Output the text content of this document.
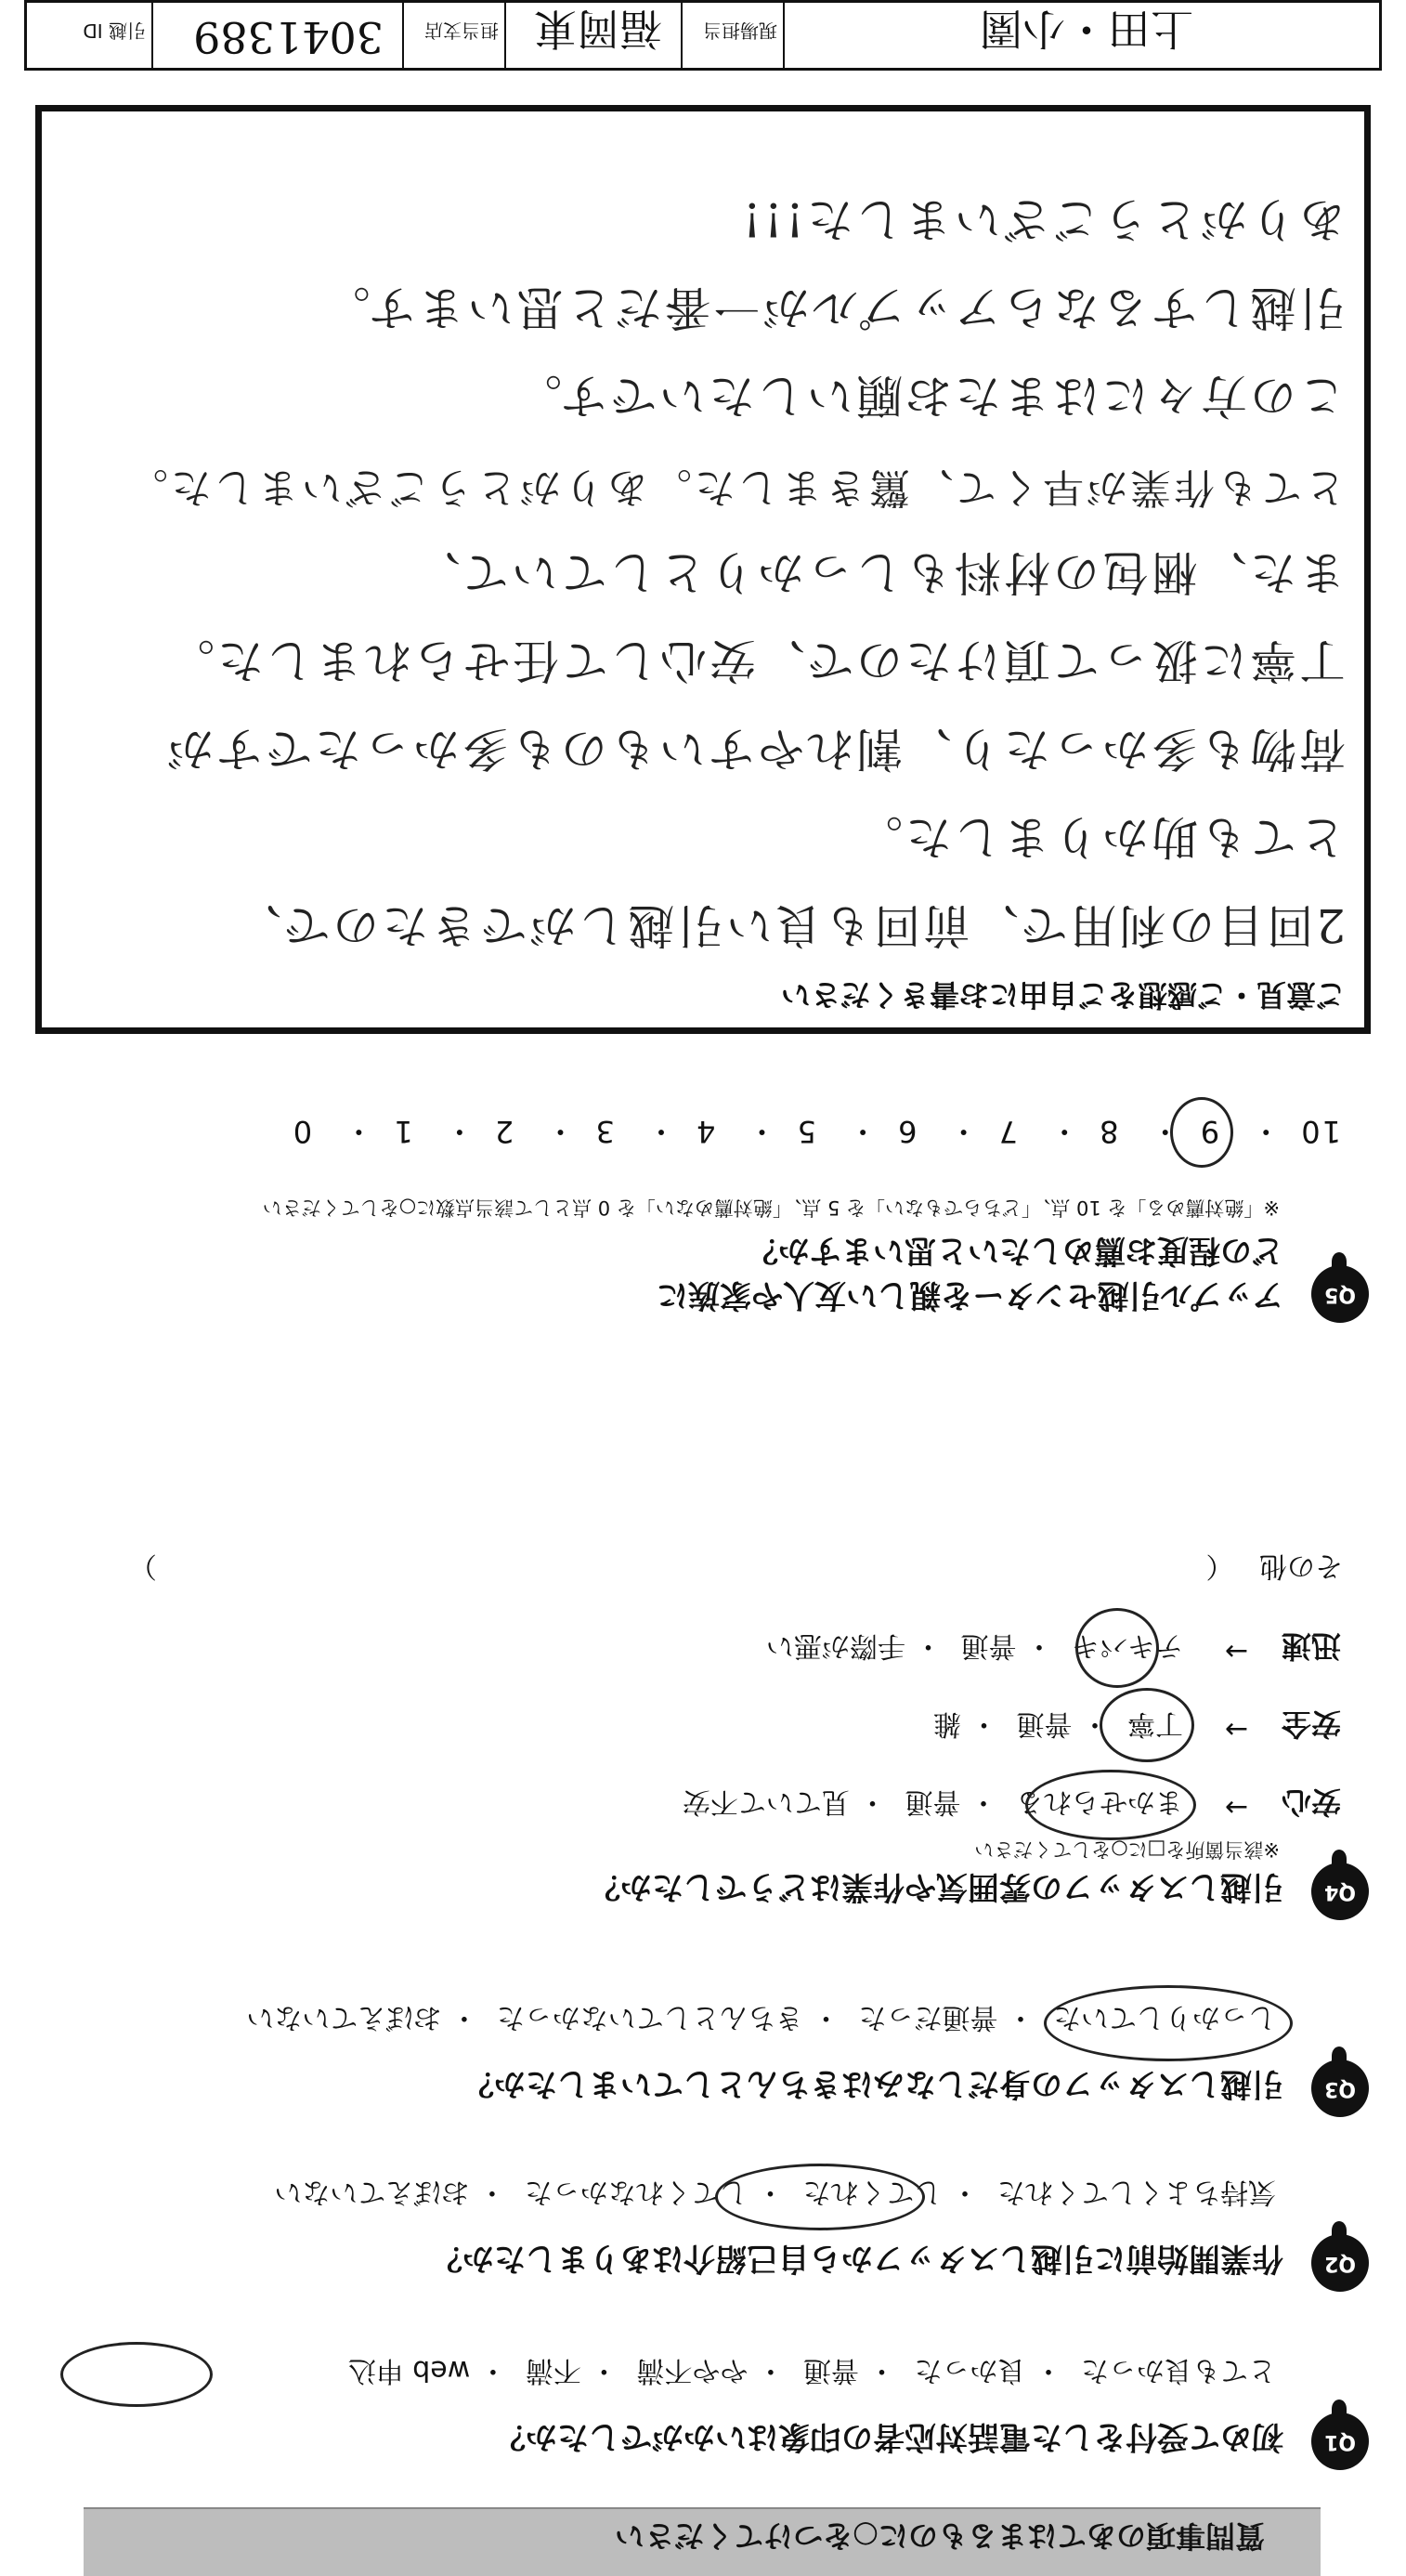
質問事項のあてはまるものに○をつけてください
Q1
初めて受付をした電話対応者の印象はいかがでしたか？
とても良かった・ 良かった・ 普通・ やや不満・ 不満・ web 申込
Q2
作業開始前に引越しスタッフから自己紹介はありましたか？
気持ちよくしてくれた・ してくれた・ してくれなかった・ おぼえていない
Q3
引越しスタッフの身だしなみはきちんとしていましたか？
しっかりしていた・ 普通だった・ きちんとしていなかった・ おぼえていない
Q4
引越しスタッフの雰囲気や作業はどうでしたか？
※該当箇所を□に○をしてください
安心
→
まかせられる・ 普通・ 見ていて不安
安全
→
丁寧・ 普通・ 雑
迅速
→
テキパキ・ 普通・ 手際が悪い
その他 （ ）
Q5
アップル引越センターを親しい友人や家族に
どの程度お薦めしたいと思いますか？
※「絶対薦める」を 10 点、「どちらでもない」を 5 点、「絶対薦めない」を 0 点として該当点数に○をしてください
10・ 9・ 8・ 7・ 6・ 5・ 4・ 3・ 2・ 1・ 0
ご意見・ご感想をご自由にお書きください
2回目の利用で、前回も良い引越しができたので、
とても助かりました。
荷物も多かったり、割れやすいものも多かったですが
丁寧に扱って頂けたので、安心して任せられました。
また、梱包の材料もしっかりとしていて、
とても作業が早くて、驚きました。ありがとうございました。
この方々にはまたお願いしたいです。
引越しするならアップルが一番だと思います。
ありがとうございました!!!
上田・小園
現場担当
福岡東
担当支店
3041389
引越 ID
